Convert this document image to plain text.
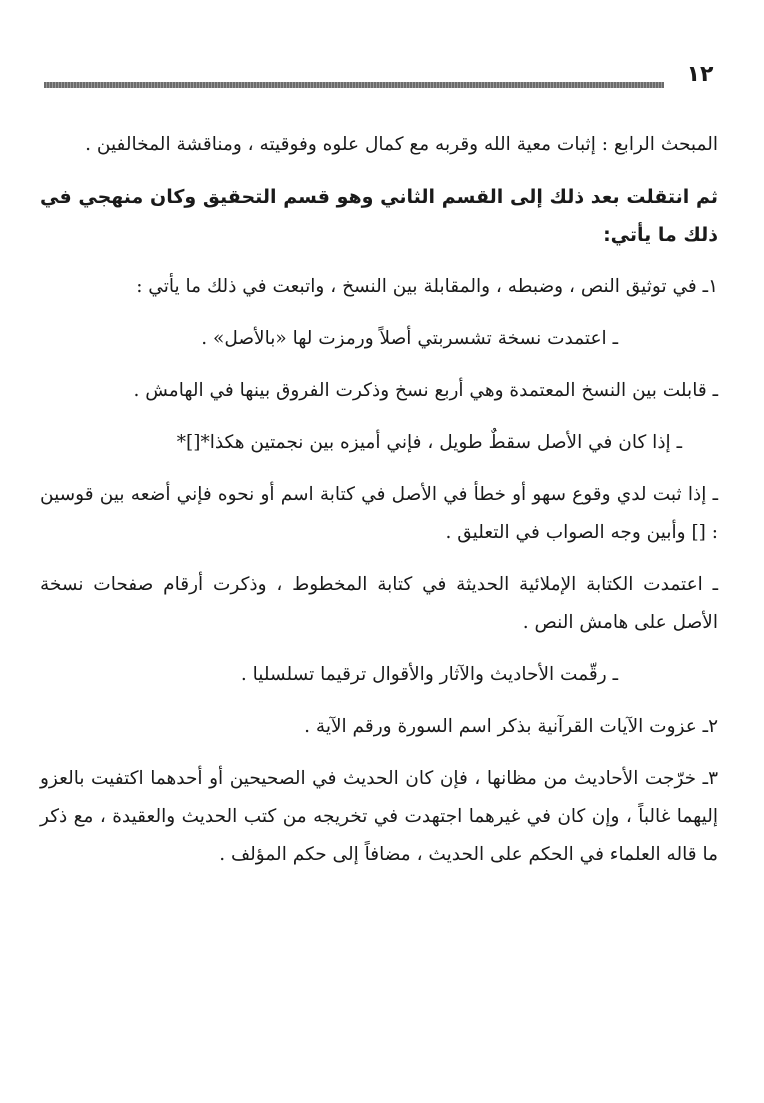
١٢

المبحث الرابع : إثبات معية الله وقربه مع كمال علوه وفوقيته ، ومناقشة المخالفين .

ثم انتقلت بعد ذلك إلى القسم الثاني وهو قسم التحقيق وكان منهجي في ذلك ما يأتي:

١ـ في توثيق النص ، وضبطه ، والمقابلة بين النسخ ، واتبعت في ذلك ما يأتي :

ـ اعتمدت نسخة تشسربتي أصلاً ورمزت لها «بالأصل» .

ـ قابلت بين النسخ المعتمدة وهي أربع نسخ وذكرت الفروق بينها في الهامش .

ـ إذا كان في الأصل سقطٌ طويل ، فإني أميزه بين نجمتين هكذا*[]*

ـ إذا ثبت لدي وقوع سهو أو خطأ في الأصل في كتابة اسم أو نحوه فإني أضعه بين قوسين : [] وأبين وجه الصواب في التعليق .

ـ اعتمدت الكتابة الإملائية الحديثة في كتابة المخطوط ، وذكرت أرقام صفحات نسخة الأصل على هامش النص .

ـ رقّمت الأحاديث والآثار والأقوال ترقيما تسلسليا .

٢ـ عزوت الآيات القرآنية بذكر اسم السورة ورقم الآية .

٣ـ خرّجت الأحاديث من مظانها ، فإن كان الحديث في الصحيحين أو أحدهما اكتفيت بالعزو إليهما غالباً ، وإن كان في غيرهما اجتهدت في تخريجه من كتب الحديث والعقيدة ، مع ذكر ما قاله العلماء في الحكم على الحديث ، مضافاً إلى حكم المؤلف .
